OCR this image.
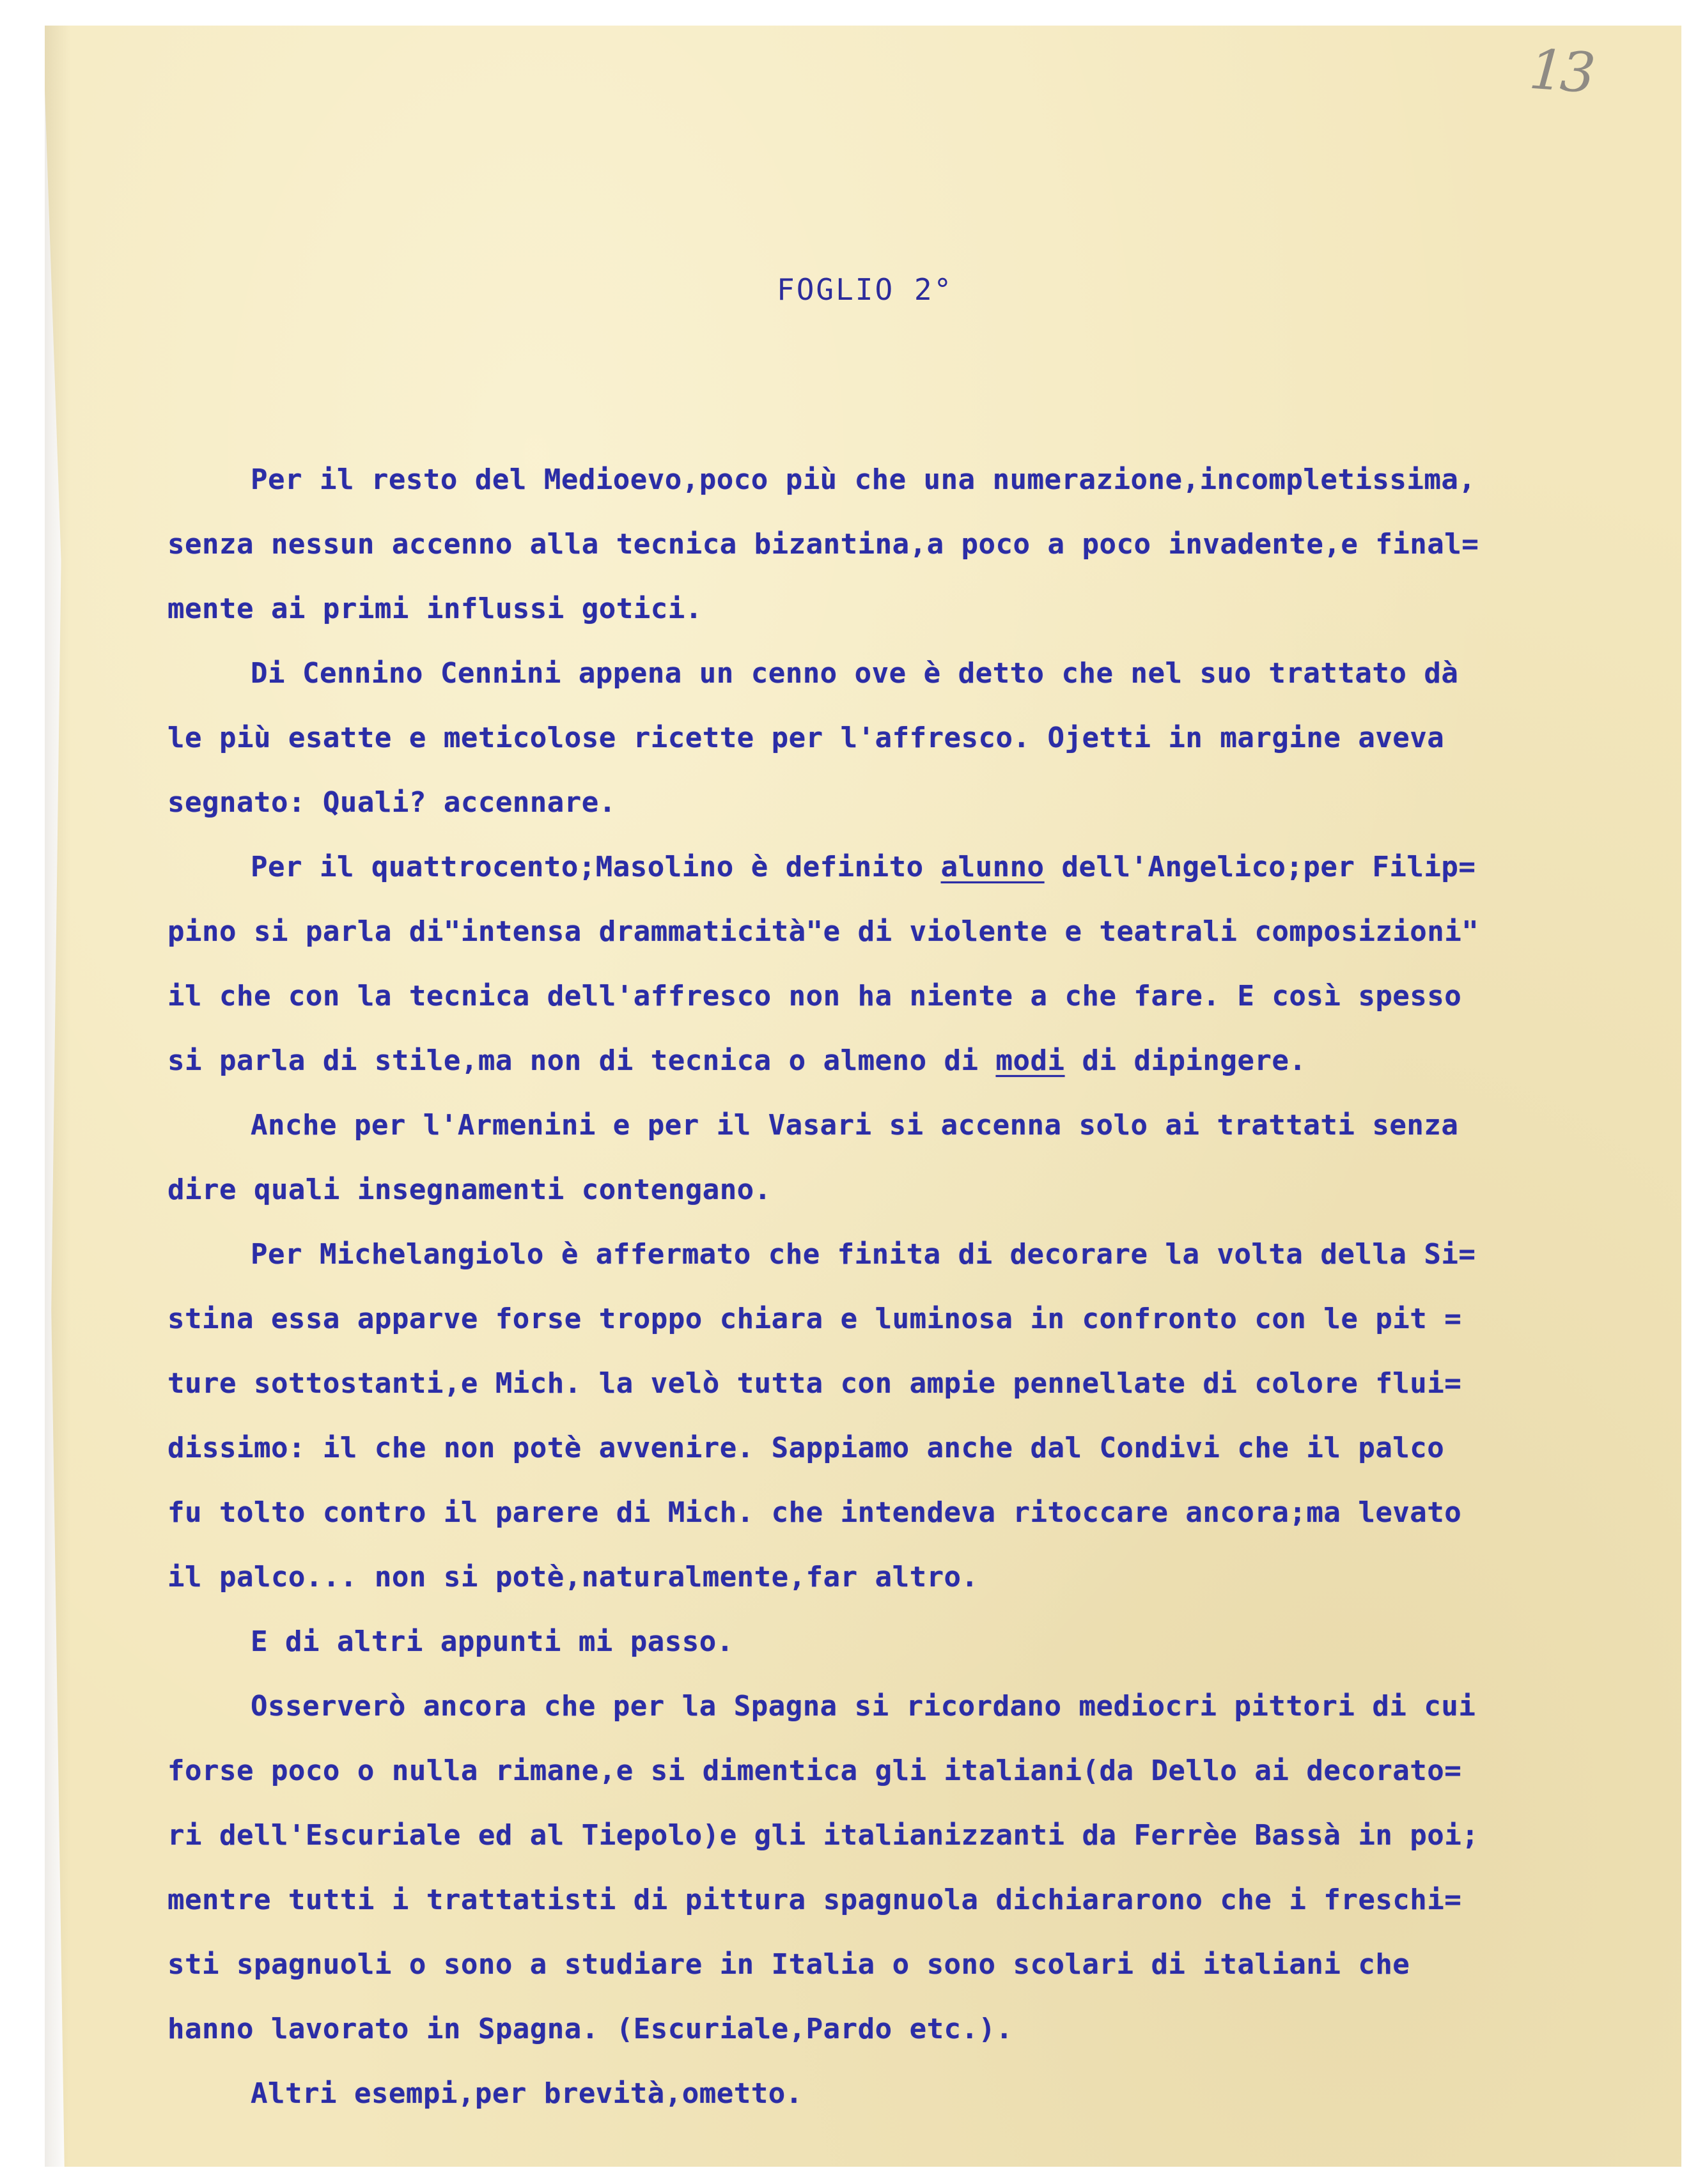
13
FOGLIO 2°
Per il resto del Medioevo,poco più che una numerazione,incompletissima,
senza nessun accenno alla tecnica bizantina,a poco a poco invadente,e final=
mente ai primi influssi gotici.
Di Cennino Cennini appena un cenno ove è detto che nel suo trattato dà
le più esatte e meticolose ricette per l'affresco. Ojetti in margine aveva
segnato: Quali? accennare.
Per il quattrocento;Masolino è definito alunno dell'Angelico;per Filip=
pino si parla di"intensa drammaticità"e di violente e teatrali composizioni"
il che con la tecnica dell'affresco non ha niente a che fare. E così spesso
si parla di stile,ma non di tecnica o almeno di modi di dipingere.
Anche per l'Armenini e per il Vasari si accenna solo ai trattati senza
dire quali insegnamenti contengano.
Per Michelangiolo è affermato che finita di decorare la volta della Si=
stina essa apparve forse troppo chiara e luminosa in confronto con le pit =
ture sottostanti,e Mich. la velò tutta con ampie pennellate di colore flui=
dissimo: il che non potè avvenire. Sappiamo anche dal Condivi che il palco
fu tolto contro il parere di Mich. che intendeva ritoccare ancora;ma levato
il palco... non si potè,naturalmente,far altro.
E di altri appunti mi passo.
Osserverò ancora che per la Spagna si ricordano mediocri pittori di cui
forse poco o nulla rimane,e si dimentica gli italiani(da Dello ai decorato=
ri dell'Escuriale ed al Tiepolo)e gli italianizzanti da Ferrèe Bassà in poi;
mentre tutti i trattatisti di pittura spagnuola dichiararono che i freschi=
sti spagnuoli o sono a studiare in Italia o sono scolari di italiani che
hanno lavorato in Spagna. (Escuriale,Pardo etc.).
Altri esempi,per brevità,ometto.
